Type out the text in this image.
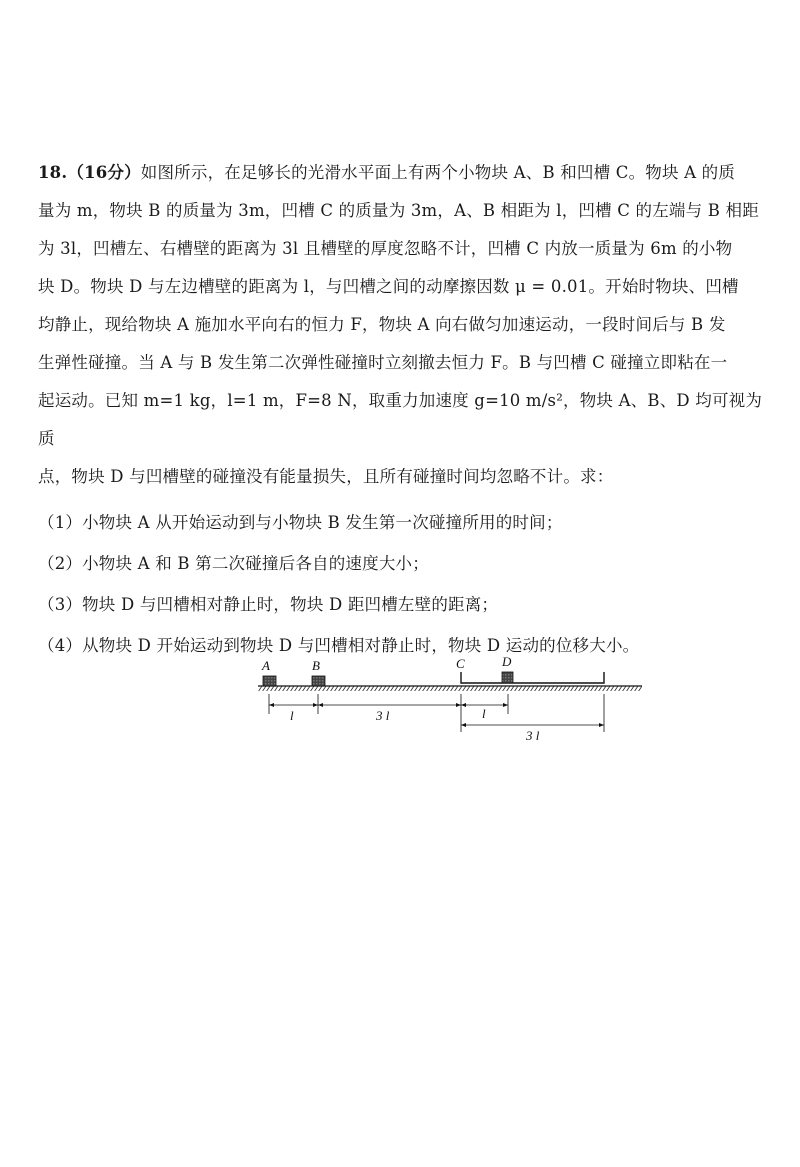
18.（16分）如图所示，在足够长的光滑水平面上有两个小物块 A、B 和凹槽 C。物块 A 的质

量为 m，物块 B 的质量为 3m，凹槽 C 的质量为 3m，A、B 相距为 l，凹槽 C 的左端与 B 相距

为 3l，凹槽左、右槽壁的距离为 3l 且槽壁的厚度忽略不计，凹槽 C 内放一质量为 6m 的小物

块 D。物块 D 与左边槽壁的距离为 l，与凹槽之间的动摩擦因数 μ = 0.01。开始时物块、凹槽

均静止，现给物块 A 施加水平向右的恒力 F，物块 A 向右做匀加速运动，一段时间后与 B 发

生弹性碰撞。当 A 与 B 发生第二次弹性碰撞时立刻撤去恒力 F。B 与凹槽 C 碰撞立即粘在一

起运动。已知 m=1 kg，l=1 m，F=8 N，取重力加速度 g=10 m/s²，物块 A、B、D 均可视为质

点，物块 D 与凹槽壁的碰撞没有能量损失，且所有碰撞时间均忽略不计。求：

（1）小物块 A 从开始运动到与小物块 B 发生第一次碰撞所用的时间；

（2）小物块 A 和 B 第二次碰撞后各自的速度大小；

（3）物块 D 与凹槽相对静止时，物块 D 距凹槽左壁的距离；

（4）从物块 D 开始运动到物块 D 与凹槽相对静止时，物块 D 运动的位移大小。

A	B	C	D
l	3 l	l
3 l
